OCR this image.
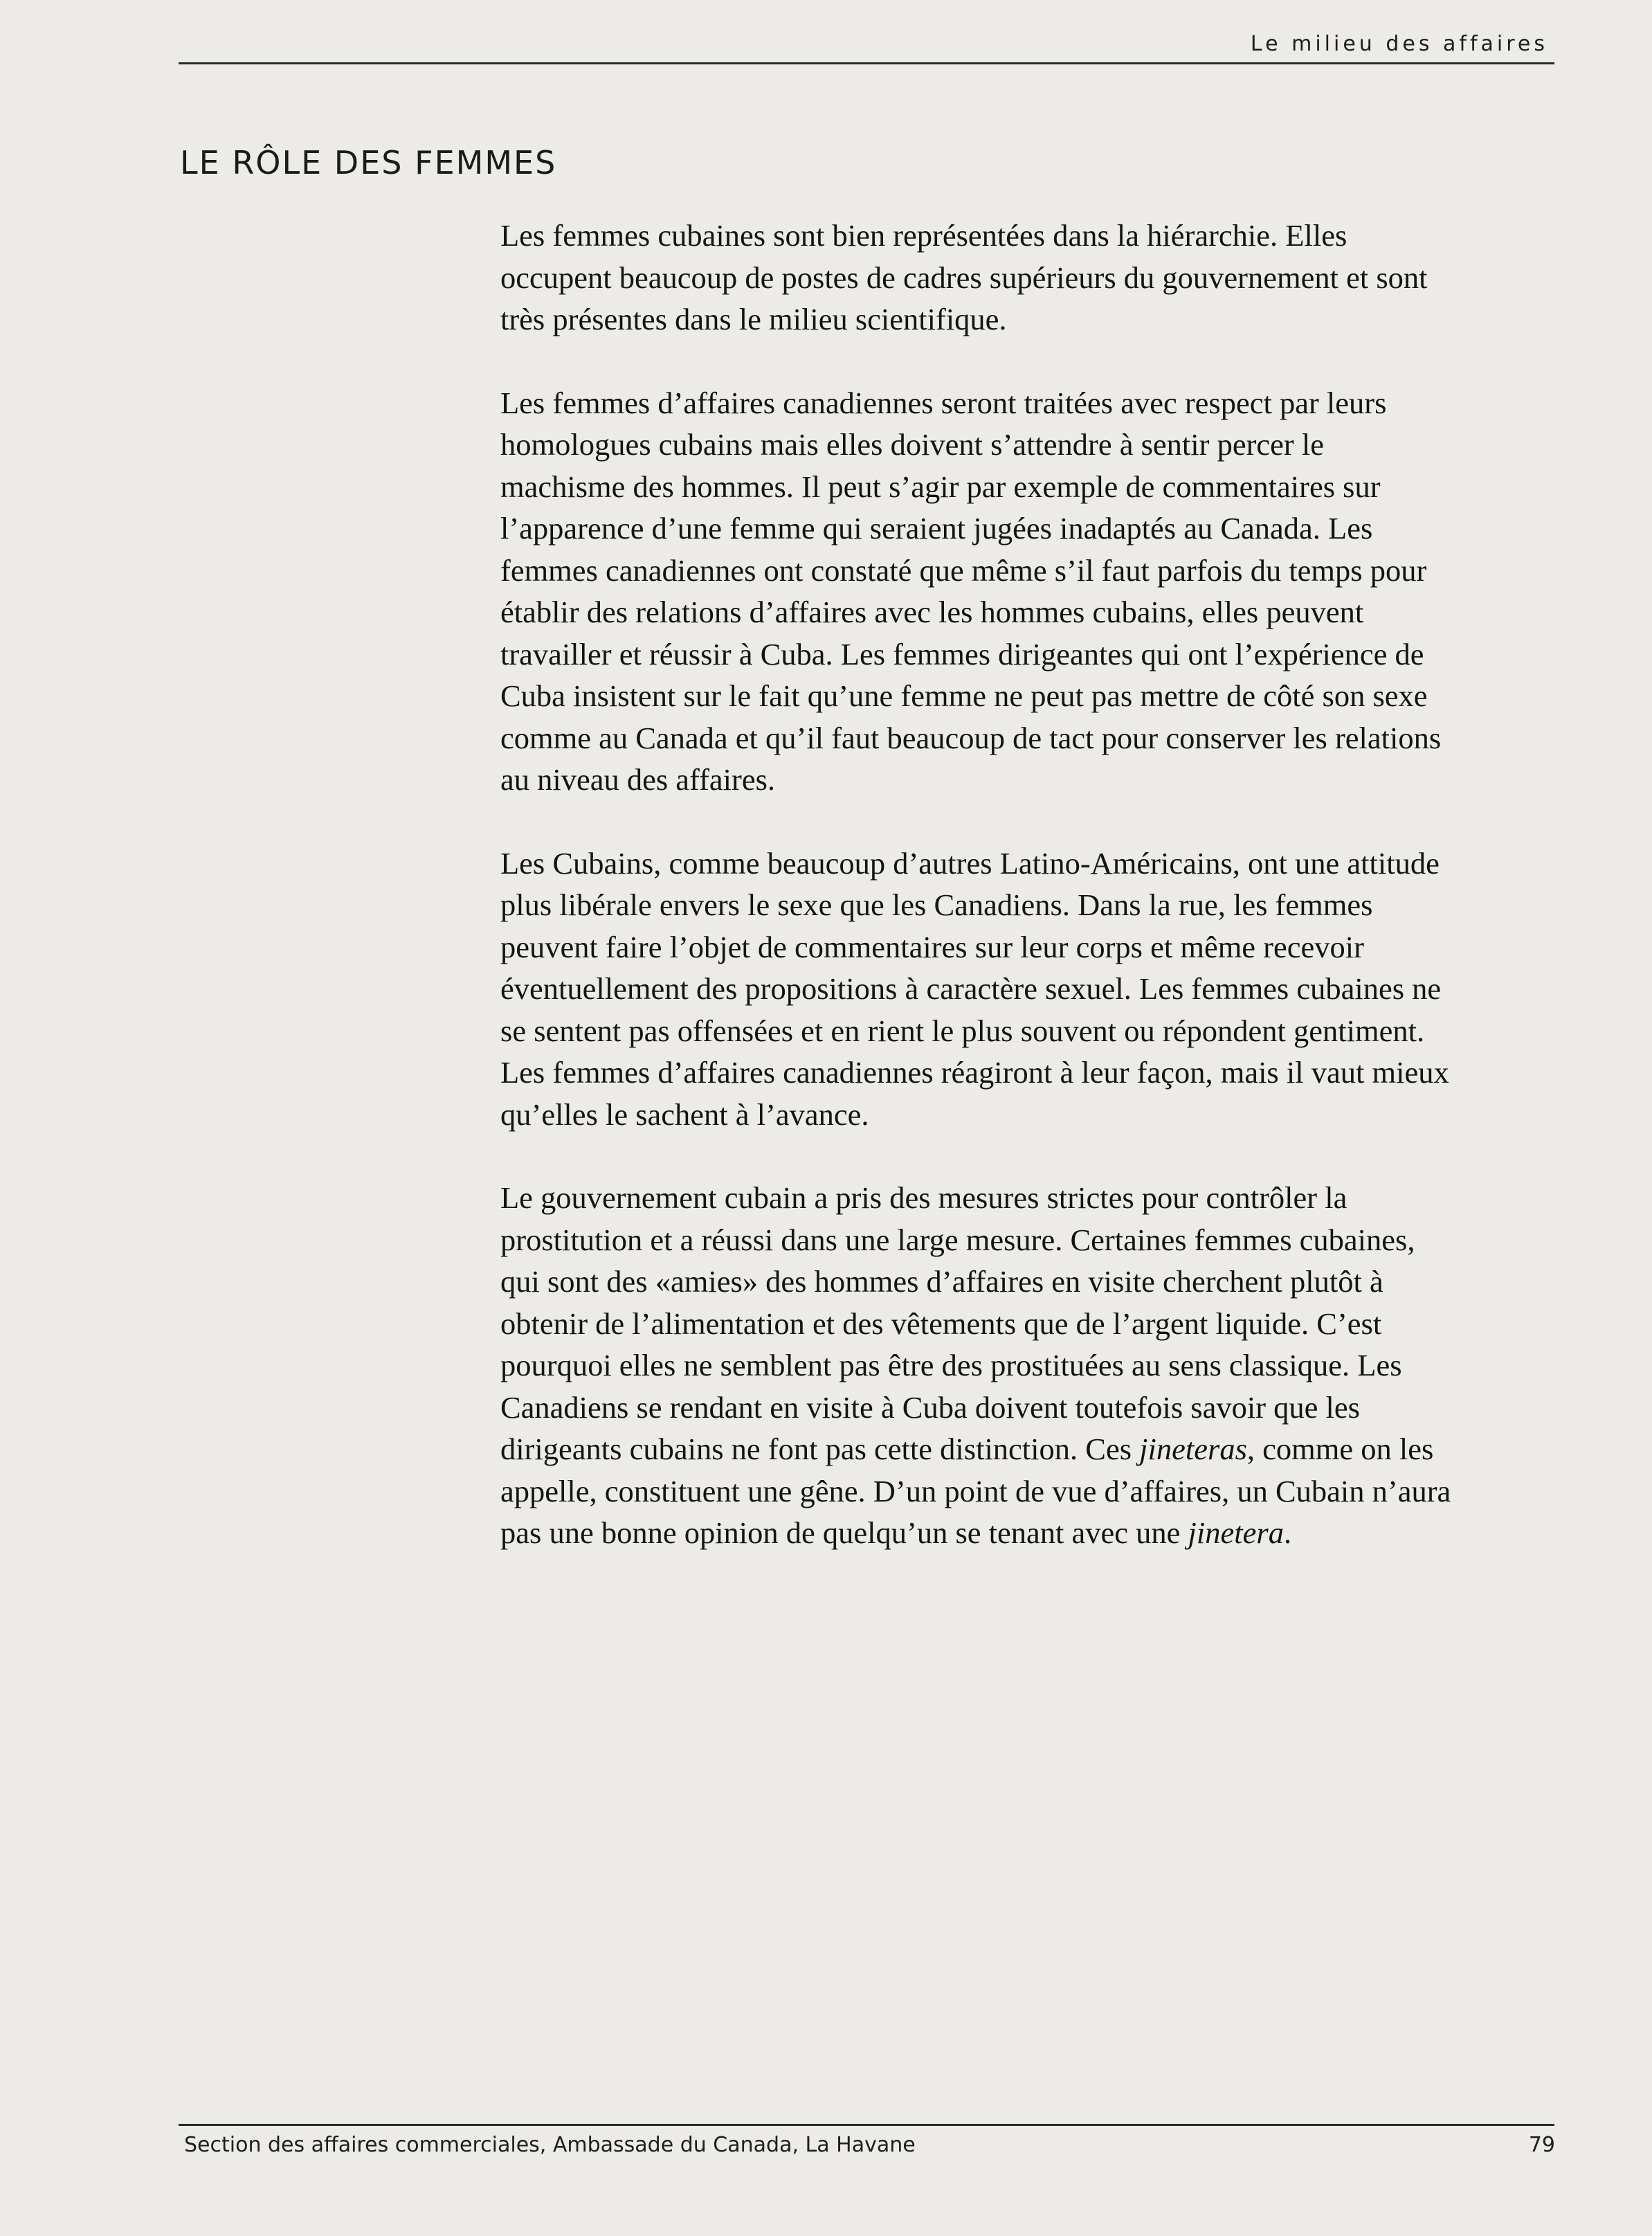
Le milieu des affaires
LE RÔLE DES FEMMES

Les femmes cubaines sont bien représentées dans la hiérarchie. Elles occupent beaucoup de postes de cadres supérieurs du gouvernement et sont très présentes dans le milieu scientifique.

Les femmes d’affaires canadiennes seront traitées avec respect par leurs homologues cubains mais elles doivent s’attendre à sentir percer le machisme des hommes. Il peut s’agir par exemple de commentaires sur l’apparence d’une femme qui seraient jugées inadaptés au Canada. Les femmes canadiennes ont constaté que même s’il faut parfois du temps pour établir des relations d’affaires avec les hommes cubains, elles peuvent travailler et réussir à Cuba. Les femmes dirigeantes qui ont l’expérience de Cuba insistent sur le fait qu’une femme ne peut pas mettre de côté son sexe comme au Canada et qu’il faut beaucoup de tact pour conserver les relations au niveau des affaires.

Les Cubains, comme beaucoup d’autres Latino-Américains, ont une attitude plus libérale envers le sexe que les Canadiens. Dans la rue, les femmes peuvent faire l’objet de commentaires sur leur corps et même recevoir éventuellement des propositions à caractère sexuel. Les femmes cubaines ne se sentent pas offensées et en rient le plus souvent ou répondent gentiment. Les femmes d’affaires canadiennes réagiront à leur façon, mais il vaut mieux qu’elles le sachent à l’avance.

Le gouvernement cubain a pris des mesures strictes pour contrôler la prostitution et a réussi dans une large mesure. Certaines femmes cubaines, qui sont des «amies» des hommes d’affaires en visite cherchent plutôt à obtenir de l’alimentation et des vêtements que de l’argent liquide. C’est pourquoi elles ne semblent pas être des prostituées au sens classique. Les Canadiens se rendant en visite à Cuba doivent toutefois savoir que les dirigeants cubains ne font pas cette distinction. Ces jineteras, comme on les appelle, constituent une gêne. D’un point de vue d’affaires, un Cubain n’aura pas une bonne opinion de quelqu’un se tenant avec une jinetera.

Section des affaires commerciales, Ambassade du Canada, La Havane	79
